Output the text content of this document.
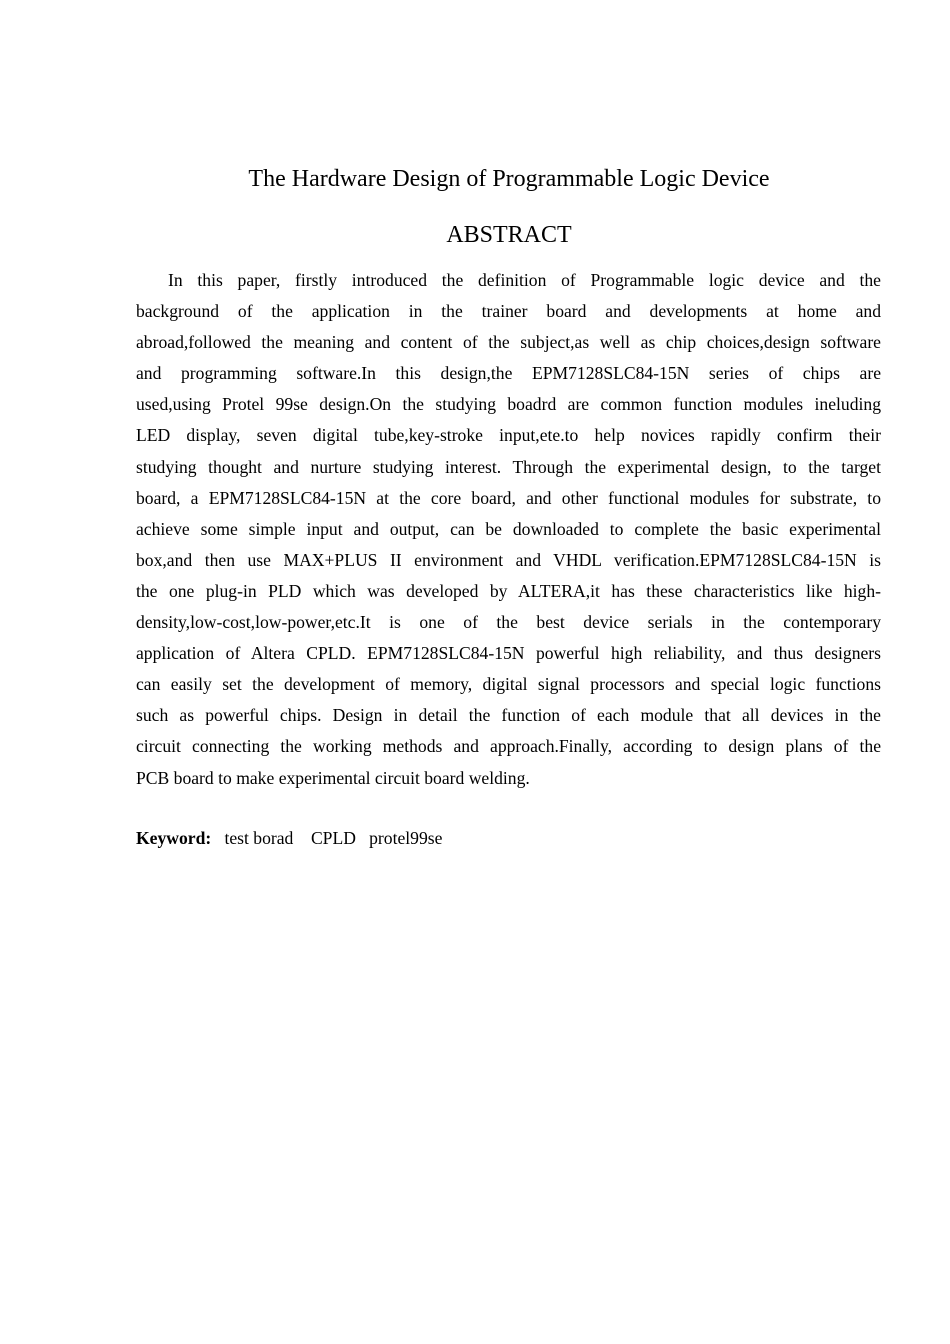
The Hardware Design of Programmable Logic Device
ABSTRACT
In this paper, firstly introduced the definition of Programmable logic device and the
background of the application in the trainer board and developments at home and
abroad,followed the meaning and content of the subject,as well as chip choices,design software
and programming software.In this design,the EPM7128SLC84-15N series of chips are
used,using Protel 99se design.On the studying boadrd are common function modules ineluding
LED display, seven digital tube,key-stroke input,ete.to help novices rapidly confirm their
studying thought and nurture studying interest. Through the experimental design, to the target
board, a EPM7128SLC84-15N at the core board, and other functional modules for substrate, to
achieve some simple input and output, can be downloaded to complete the basic experimental
box,and then use MAX+PLUS II environment and VHDL verification.EPM7128SLC84-15N is
the one plug-in PLD which was developed by ALTERA,it has these characteristics like high-
density,low-cost,low-power,etc.It is one of the best device serials in the contemporary
application of Altera CPLD. EPM7128SLC84-15N powerful high reliability, and thus designers
can easily set the development of memory, digital signal processors and special logic functions
such as powerful chips. Design in detail the function of each module that all devices in the
circuit connecting the working methods and approach.Finally, according to design plans of the
PCB board to make experimental circuit board welding.
Keyword: test borad CPLD protel99se
